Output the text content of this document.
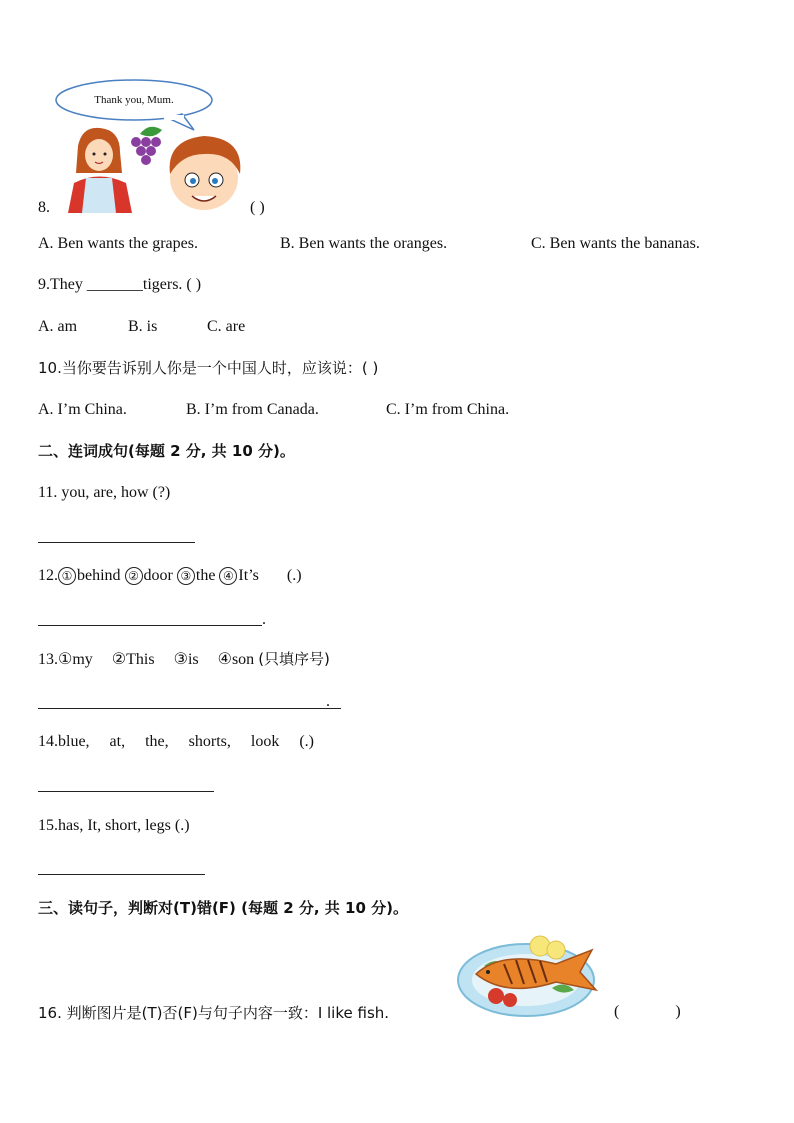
Thank you, Mum.
8.	( )
A. Ben wants the grapes.	B. Ben wants the oranges.	C. Ben wants the bananas.
9.They _______tigers. ( )
A. am	B. is	C. are
10.当你要告诉别人你是一个中国人时，应该说：( )
A. I’m China.	B. I’m from Canada.	C. I’m from China.
二、连词成句(每题 2 分, 共 10 分)。
11. you, are, how (?)
12. ① behind ② door ③ the ④ It’s (.)
.
13.①my ②This ③is ④son (只填序号)
.
14.blue,     at,     the,     shorts,     look     (.)
15.has, It, short, legs (.)
三、读句子，判断对(T)错(F) (每题 2 分, 共 10 分)。
16. 判断图片是(T)否(F)与句子内容一致：I like fish.	(              )
